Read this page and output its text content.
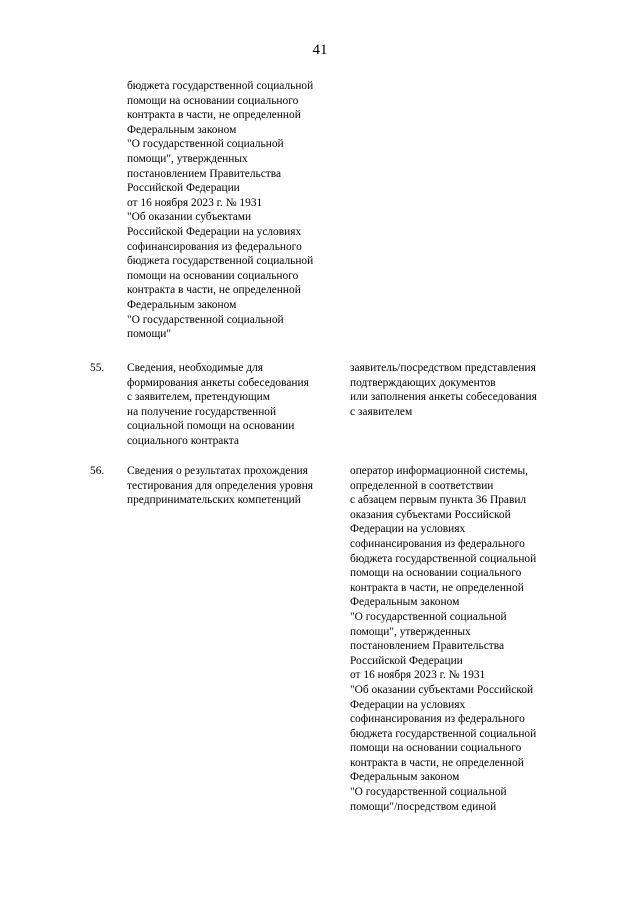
41
бюджета государственной социальной
помощи на основании социального
контракта в части, не определенной
Федеральным законом
"О государственной социальной
помощи", утвержденных
постановлением Правительства
Российской Федерации
от 16 ноября 2023 г. № 1931
"Об оказании субъектами
Российской Федерации на условиях
софинансирования из федерального
бюджета государственной социальной
помощи на основании социального
контракта в части, не определенной
Федеральным законом
"О государственной социальной
помощи"
55. Сведения, необходимые для
формирования анкеты собеседования
с заявителем, претендующим
на получение государственной
социальной помощи на основании
социального контракта
заявитель/посредством представления
подтверждающих документов
или заполнения анкеты собеседования
с заявителем
56. Сведения о результатах прохождения
тестирования для определения уровня
предпринимательских компетенций
оператор информационной системы,
определенной в соответствии
с абзацем первым пункта 36 Правил
оказания субъектами Российской
Федерации на условиях
софинансирования из федерального
бюджета государственной социальной
помощи на основании социального
контракта в части, не определенной
Федеральным законом
"О государственной социальной
помощи", утвержденных
постановлением Правительства
Российской Федерации
от 16 ноября 2023 г. № 1931
"Об оказании субъектами Российской
Федерации на условиях
софинансирования из федерального
бюджета государственной социальной
помощи на основании социального
контракта в части, не определенной
Федеральным законом
"О государственной социальной
помощи"/посредством единой
